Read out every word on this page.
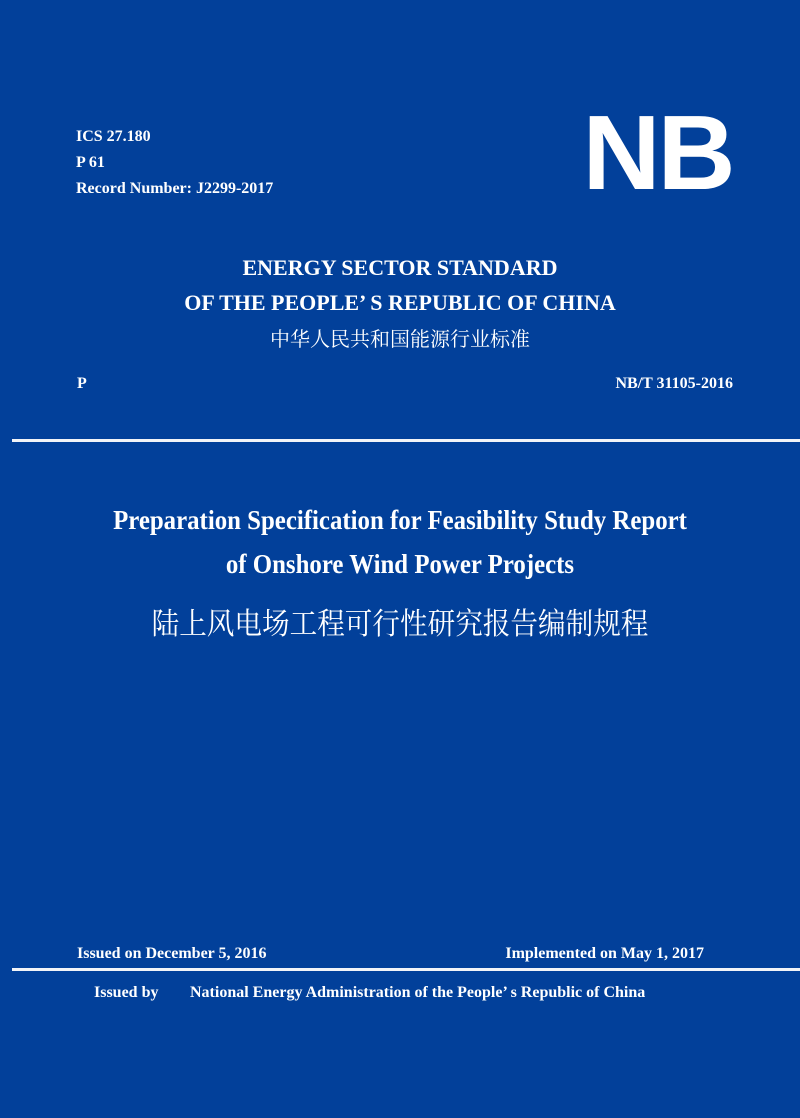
ICS 27.180
P 61
Record Number: J2299-2017	NB
ENERGY SECTOR STANDARD
OF THE PEOPLE’ S REPUBLIC OF CHINA
中华人民共和国能源行业标准
P	NB/T 31105-2016
Preparation Specification for Feasibility Study Report
of Onshore Wind Power Projects
陆上风电场工程可行性研究报告编制规程
Issued on December 5, 2016	Implemented on May 1, 2017
Issued by National Energy Administration of the People’ s Republic of China
